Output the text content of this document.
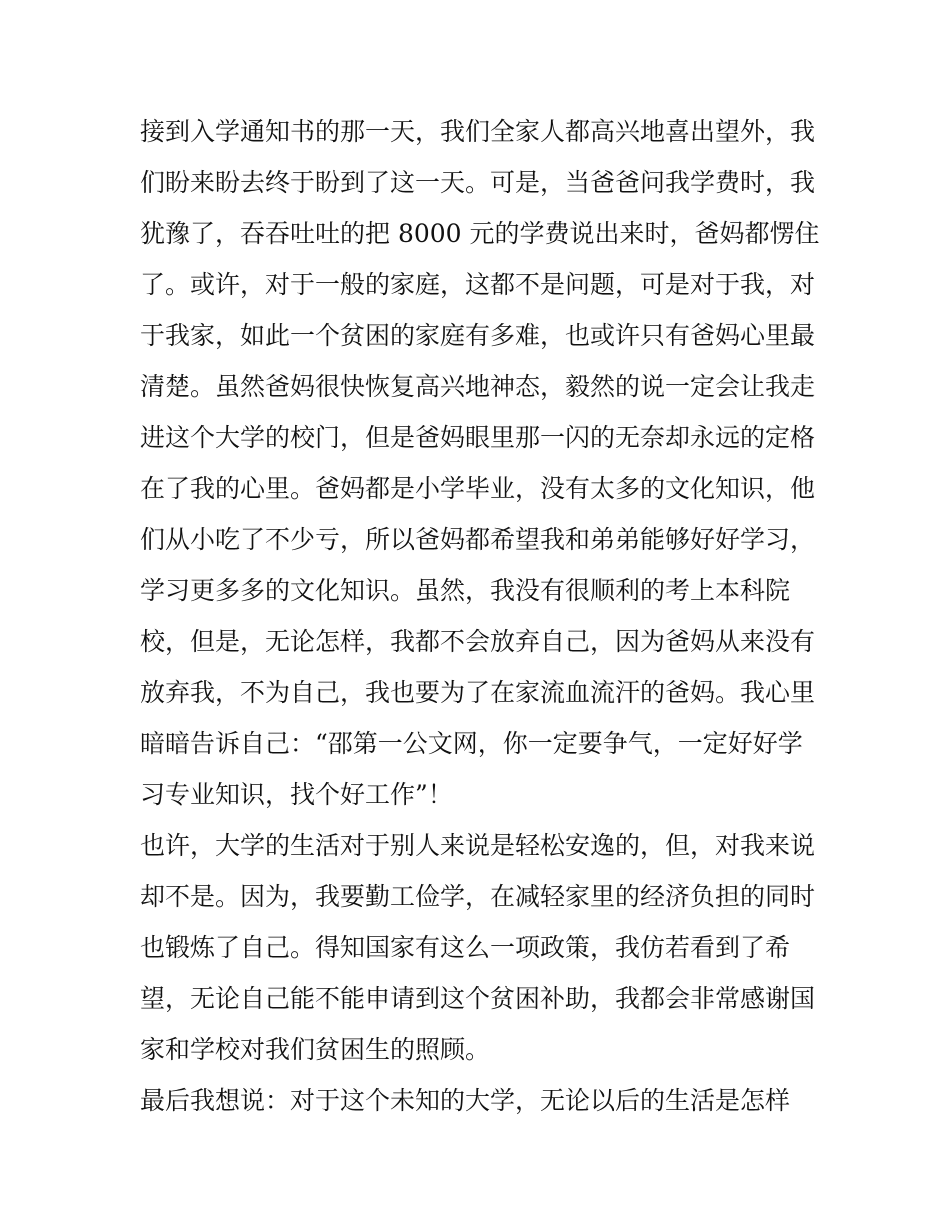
接到入学通知书的那一天，我们全家人都高兴地喜出望外，我
们盼来盼去终于盼到了这一天。可是，当爸爸问我学费时，我
犹豫了，吞吞吐吐的把 8000 元的学费说出来时，爸妈都愣住
了。或许，对于一般的家庭，这都不是问题，可是对于我，对
于我家，如此一个贫困的家庭有多难，也或许只有爸妈心里最
清楚。虽然爸妈很快恢复高兴地神态，毅然的说一定会让我走
进这个大学的校门，但是爸妈眼里那一闪的无奈却永远的定格
在了我的心里。爸妈都是小学毕业，没有太多的文化知识，他
们从小吃了不少亏，所以爸妈都希望我和弟弟能够好好学习，
学习更多多的文化知识。虽然，我没有很顺利的考上本科院
校，但是，无论怎样，我都不会放弃自己，因为爸妈从来没有
放弃我，不为自己，我也要为了在家流血流汗的爸妈。我心里
暗暗告诉自己：“邵第一公文网，你一定要争气，一定好好学
习专业知识，找个好工作”！
也许，大学的生活对于别人来说是轻松安逸的，但，对我来说
却不是。因为，我要勤工俭学，在减轻家里的经济负担的同时
也锻炼了自己。得知国家有这么一项政策，我仿若看到了希
望，无论自己能不能申请到这个贫困补助，我都会非常感谢国
家和学校对我们贫困生的照顾。
最后我想说：对于这个未知的大学，无论以后的生活是怎样
